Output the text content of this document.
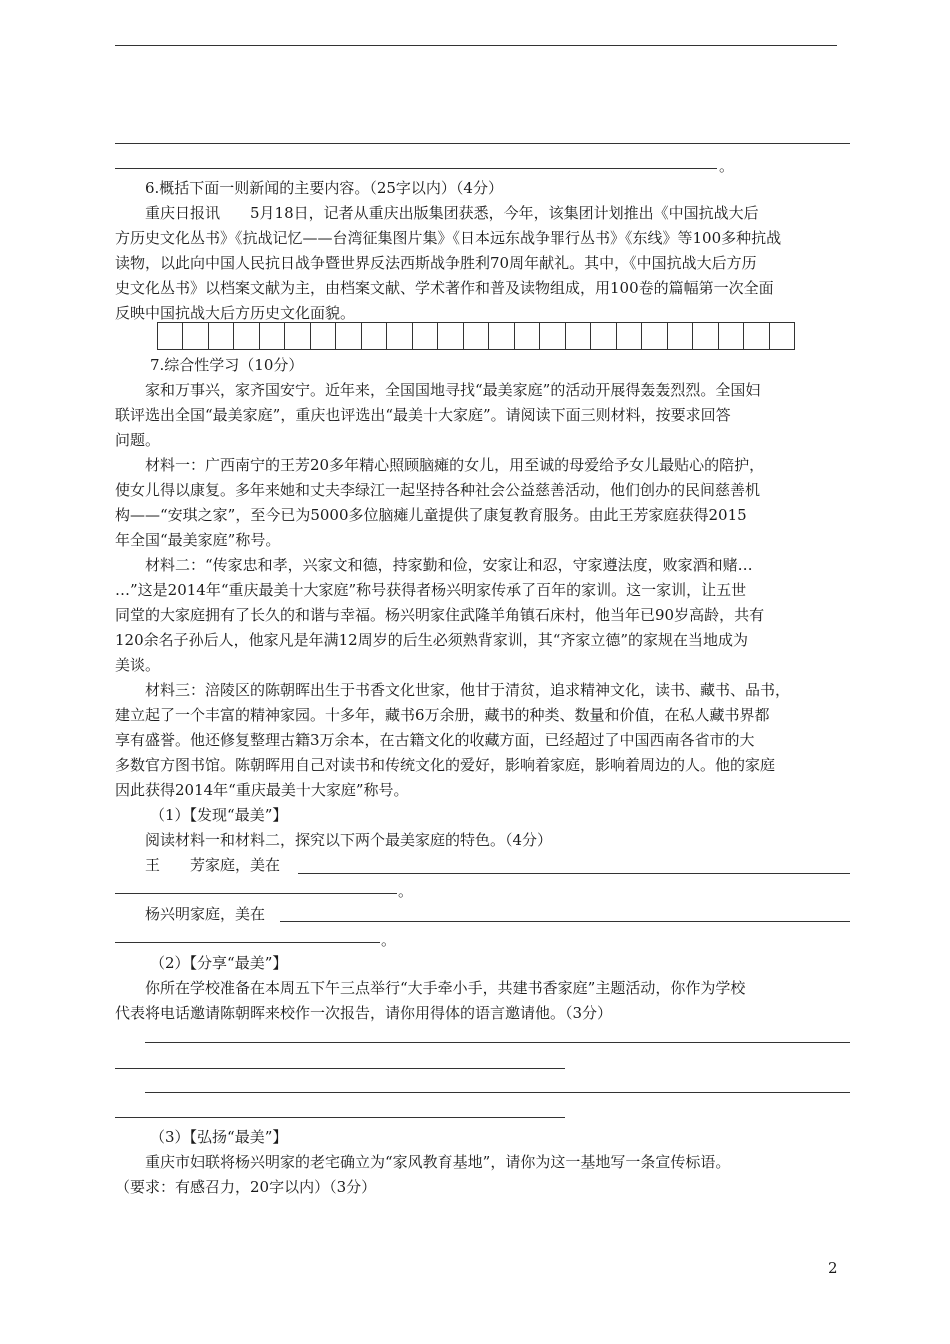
。
6.概括下面一则新闻的主要内容。（25字以内）（4分）
重庆日报讯　　5月18日，记者从重庆出版集团获悉，今年，该集团计划推出《中国抗战大后
方历史文化丛书》《抗战记忆——台湾征集图片集》《日本远东战争罪行丛书》《东线》等100多种抗战
读物，以此向中国人民抗日战争暨世界反法西斯战争胜利70周年献礼。其中，《中国抗战大后方历
史文化丛书》以档案文献为主，由档案文献、学术著作和普及读物组成，用100卷的篇幅第一次全面
反映中国抗战大后方历史文化面貌。
7.综合性学习（10分）
家和万事兴，家齐国安宁。近年来，全国国地寻找“最美家庭”的活动开展得轰轰烈烈。全国妇
联评选出全国“最美家庭”，重庆也评选出“最美十大家庭”。请阅读下面三则材料，按要求回答
问题。
材料一：广西南宁的王芳20多年精心照顾脑瘫的女儿，用至诚的母爱给予女儿最贴心的陪护，
使女儿得以康复。多年来她和丈夫李绿江一起坚持各种社会公益慈善活动，他们创办的民间慈善机
构——“安琪之家”，至今已为5000多位脑瘫儿童提供了康复教育服务。由此王芳家庭获得2015
年全国“最美家庭”称号。
材料二：“传家忠和孝，兴家文和德，持家勤和俭，安家让和忍，守家遵法度，败家酒和赌…
…”这是2014年“重庆最美十大家庭”称号获得者杨兴明家传承了百年的家训。这一家训，让五世
同堂的大家庭拥有了长久的和谐与幸福。杨兴明家住武隆羊角镇石床村，他当年已90岁高龄，共有
120余名子孙后人，他家凡是年满12周岁的后生必须熟背家训，其“齐家立德”的家规在当地成为
美谈。
材料三：涪陵区的陈朝晖出生于书香文化世家，他甘于清贫，追求精神文化，读书、藏书、品书，
建立起了一个丰富的精神家园。十多年，藏书6万余册，藏书的种类、数量和价值，在私人藏书界都
享有盛誉。他还修复整理古籍3万余本，在古籍文化的收藏方面，已经超过了中国西南各省市的大
多数官方图书馆。陈朝晖用自己对读书和传统文化的爱好，影响着家庭，影响着周边的人。他的家庭
因此获得2014年“重庆最美十大家庭”称号。
（1）【发现“最美”】
阅读材料一和材料二，探究以下两个最美家庭的特色。（4分）
王　　芳家庭，美在
。
杨兴明家庭，美在
。
（2）【分享“最美”】
你所在学校准备在本周五下午三点举行“大手牵小手，共建书香家庭”主题活动，你作为学校
代表将电话邀请陈朝晖来校作一次报告，请你用得体的语言邀请他。（3分）
（3）【弘扬“最美”】
重庆市妇联将杨兴明家的老宅确立为“家风教育基地”，请你为这一基地写一条宣传标语。
（要求：有感召力，20字以内）（3分）
2
